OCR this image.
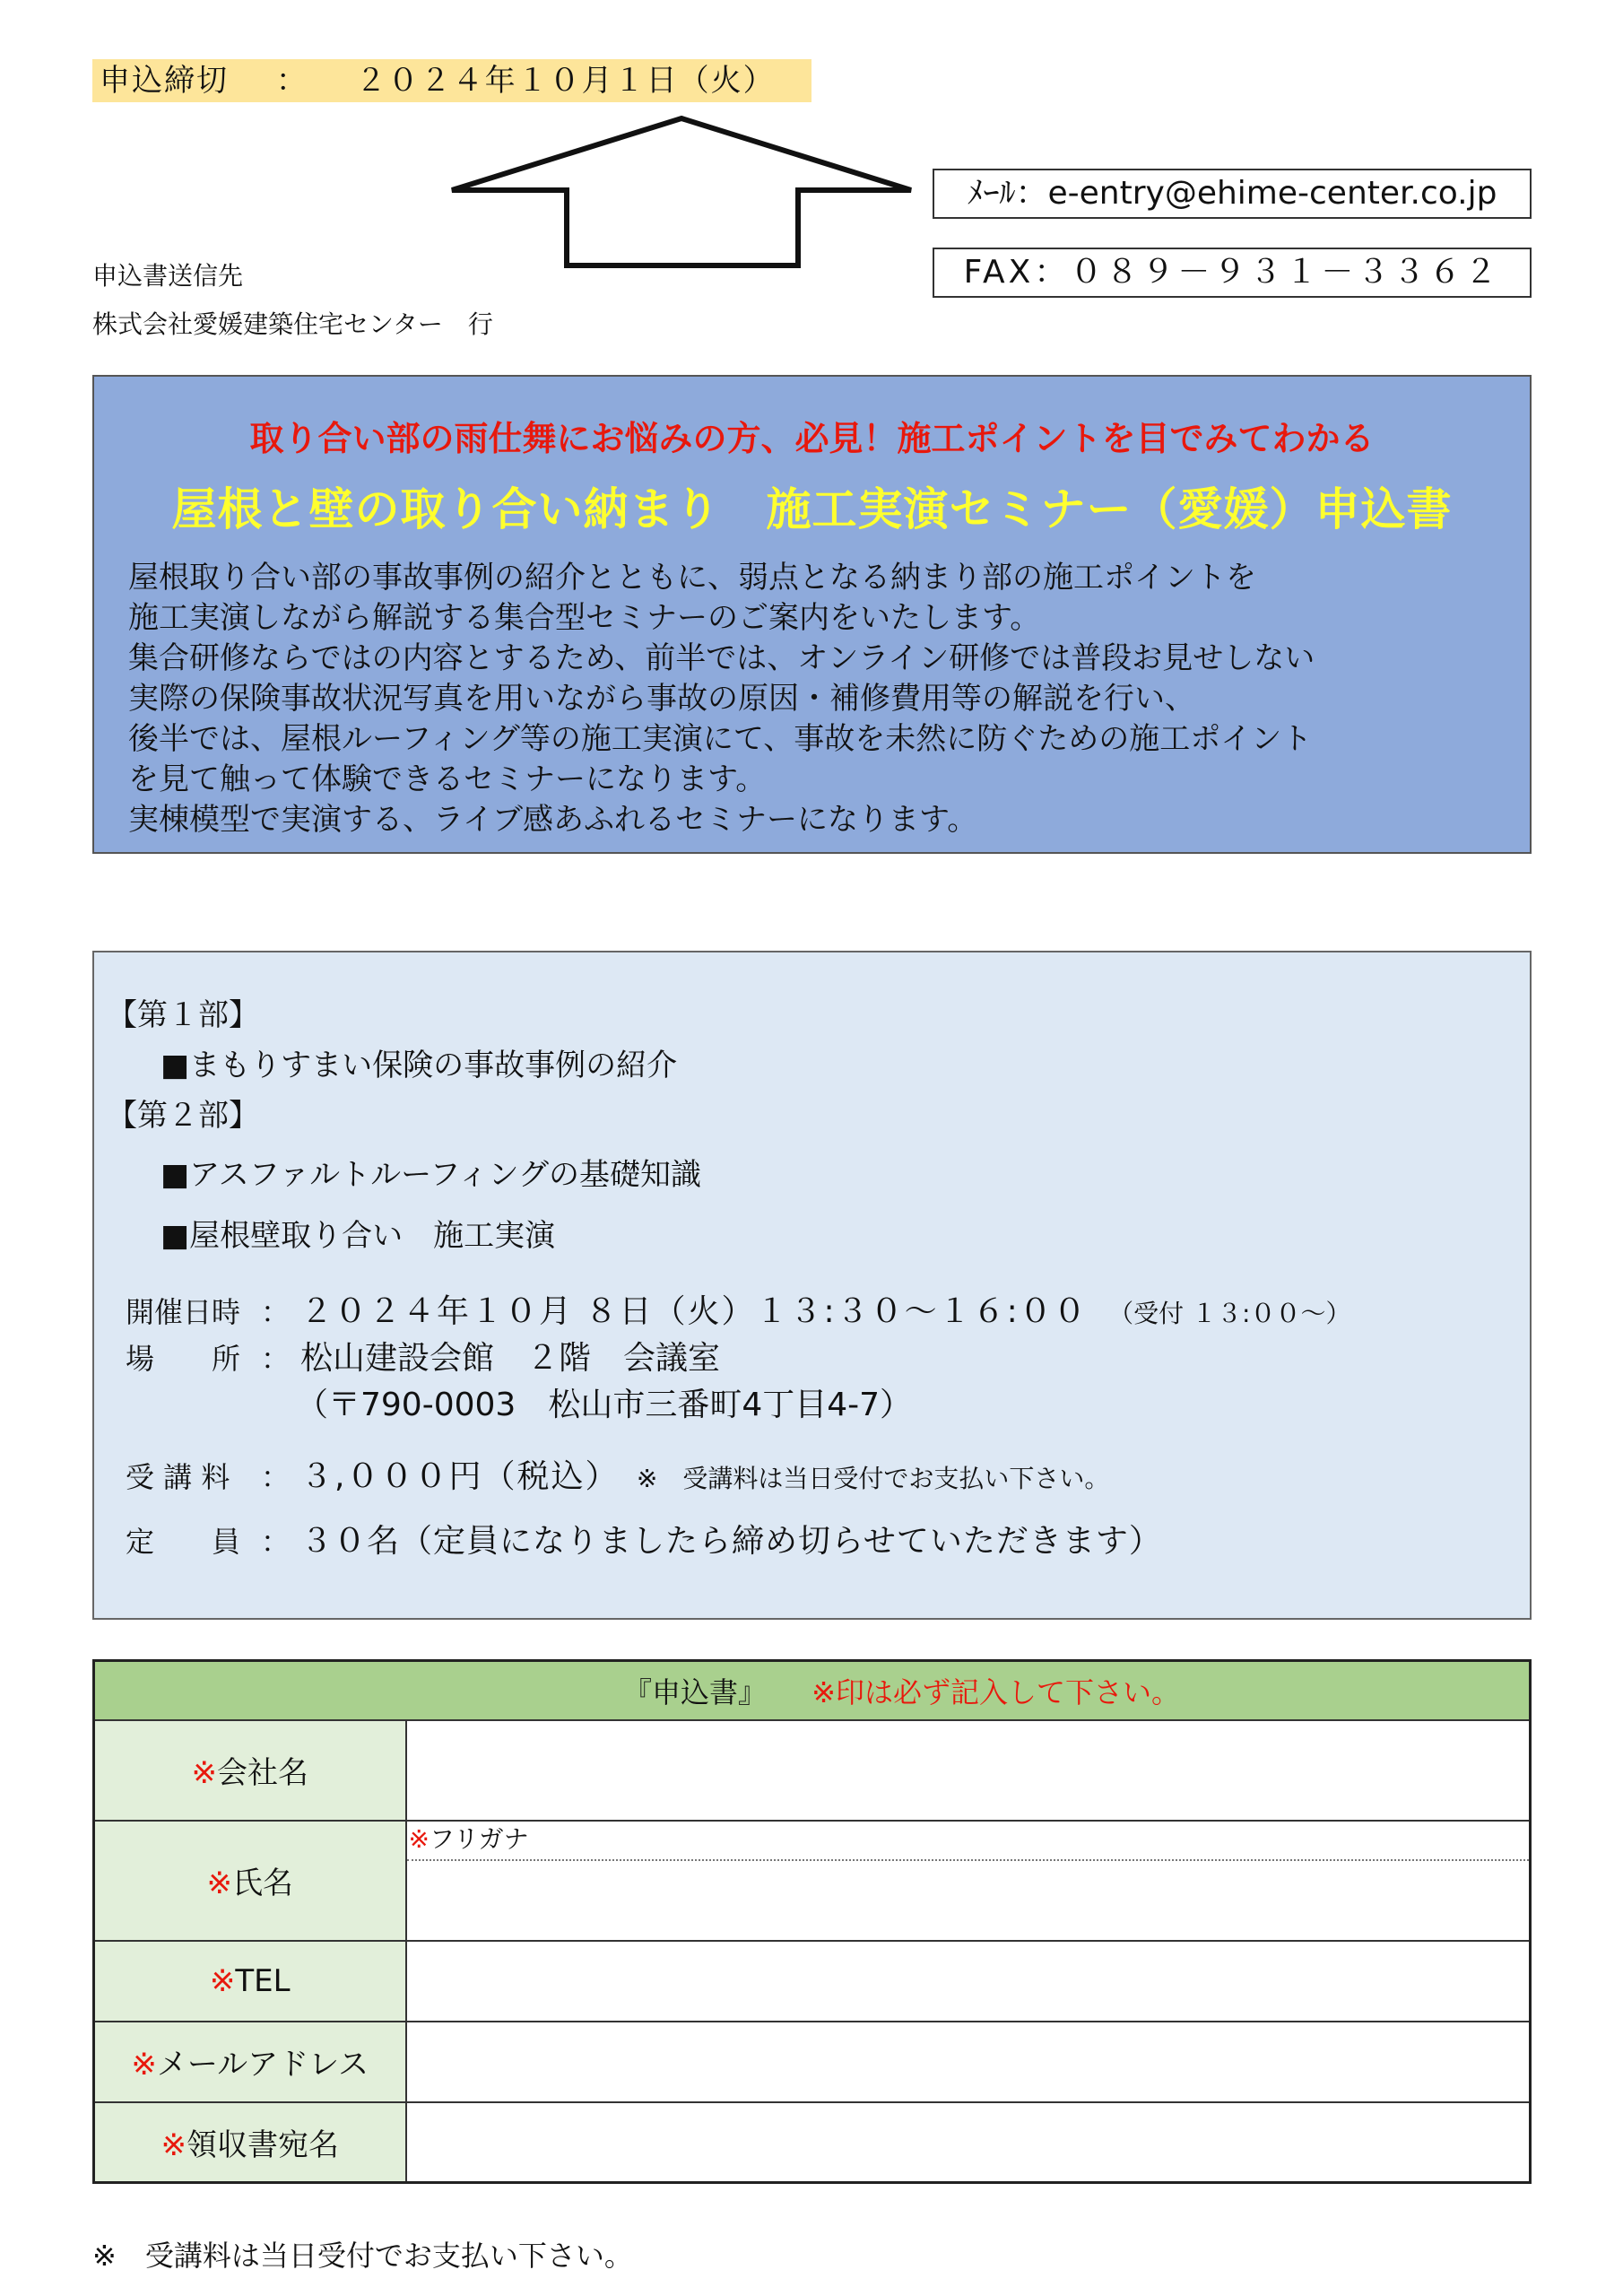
申込締切 ： ２０２４年１０月１日（火）
ﾒｰﾙ：e-entry@ehime-center.co.jp
FAX：０８９－９３１－３３６２
申込書送信先
株式会社愛媛建築住宅センター　行
取り合い部の雨仕舞にお悩みの方、必見！施工ポイントを目でみてわかる
屋根と壁の取り合い納まり　施工実演セミナー（愛媛）申込書
屋根取り合い部の事故事例の紹介とともに、弱点となる納まり部の施工ポイントを
施工実演しながら解説する集合型セミナーのご案内をいたします。
集合研修ならではの内容とするため、前半では、オンライン研修では普段お見せしない
実際の保険事故状況写真を用いながら事故の原因・補修費用等の解説を行い、
後半では、屋根ルーフィング等の施工実演にて、事故を未然に防ぐための施工ポイント
を見て触って体験できるセミナーになります。
実棟模型で実演する、ライブ感あふれるセミナーになります。
【第１部】
■まもりすまい保険の事故事例の紹介
【第２部】
■アスファルトルーフィングの基礎知識
■屋根壁取り合い　施工実演
開催日時 ： ２０２４年１０月 ８日（火）１３:３０～１６:００ （受付 １３:００～）
場　　所 ： 松山建設会館　２階　会議室
（〒790-0003　松山市三番町4丁目4-7）
受 講 料 ： ３,０００円（税込） ※　受講料は当日受付でお支払い下さい。
定　　員 ： ３０名（定員になりましたら締め切らせていただきます）
『申込書』 ※印は必ず記入して下さい。	
※会社名	
※氏名	※フリガナ

※TEL	
※メールアドレス	
※領収書宛名	
※　受講料は当日受付でお支払い下さい。
